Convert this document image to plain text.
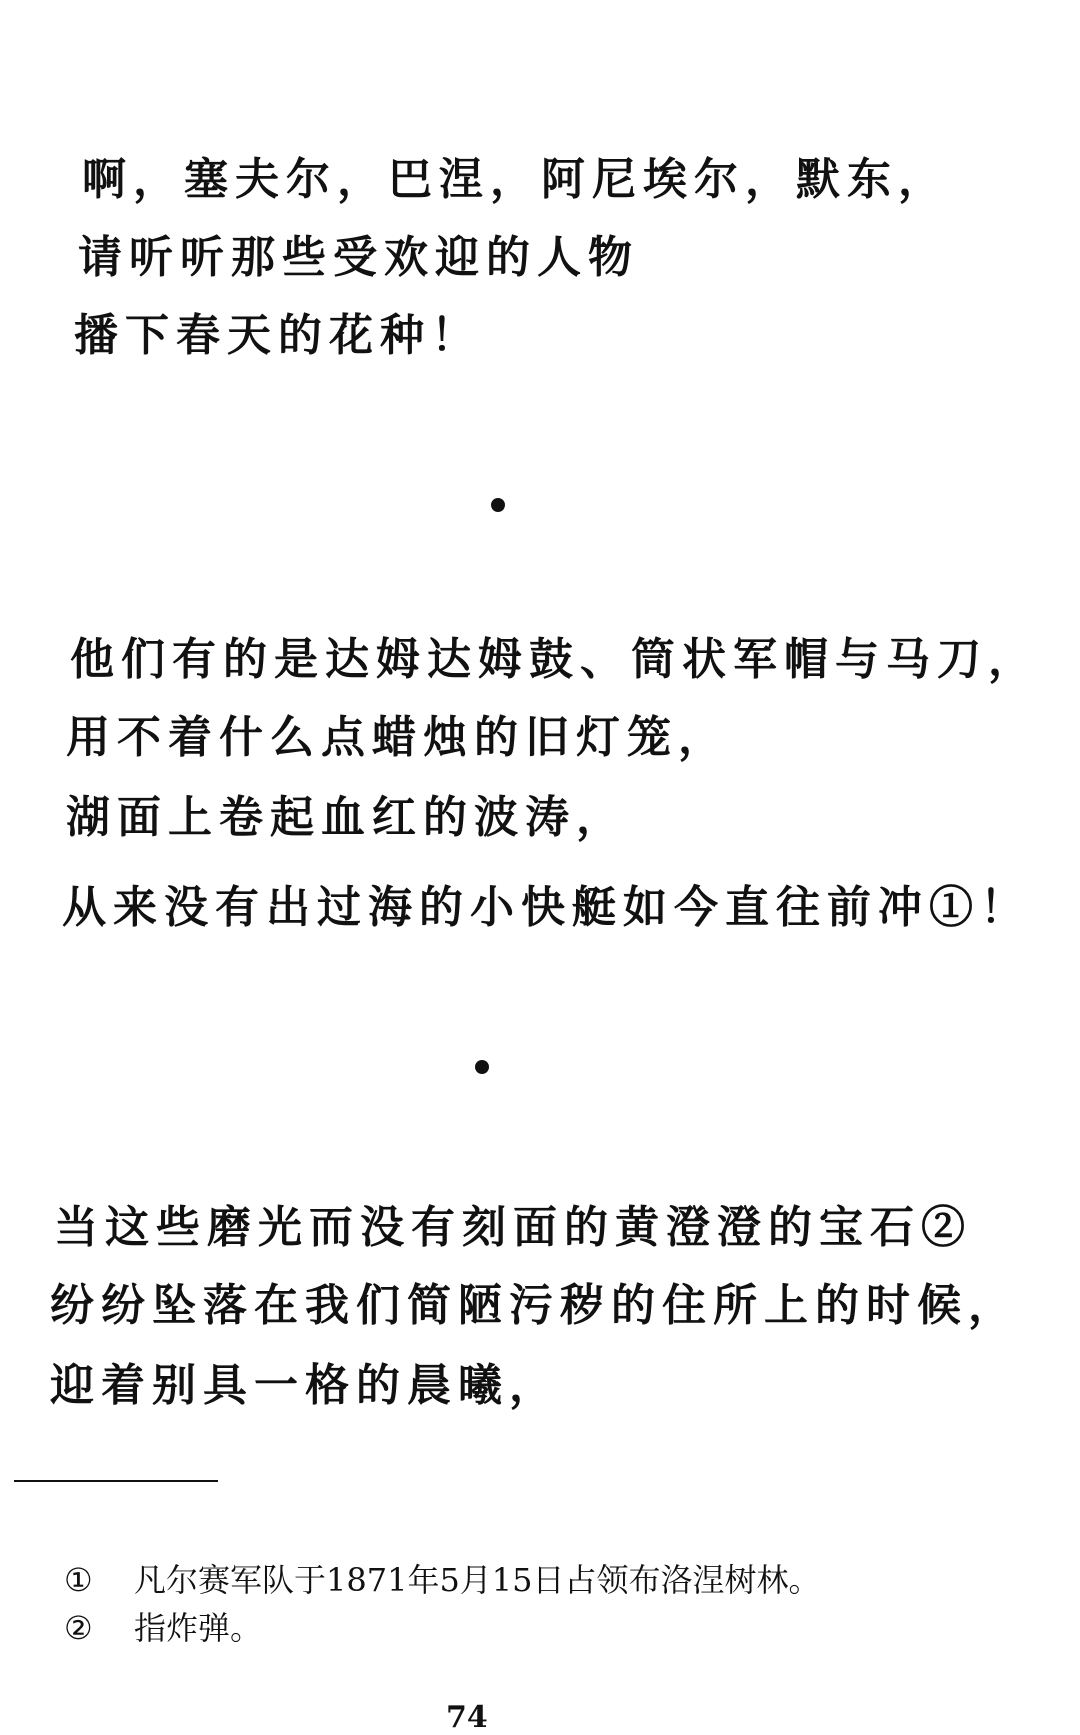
啊，塞夫尔，巴涅，阿尼埃尔，默东，
请听听那些受欢迎的人物
播下春天的花种！
他们有的是达姆达姆鼓、筒状军帽与马刀，
用不着什么点蜡烛的旧灯笼，
湖面上卷起血红的波涛，
从来没有出过海的小快艇如今直往前冲①！
当这些磨光而没有刻面的黄澄澄的宝石②
纷纷坠落在我们简陋污秽的住所上的时候，
迎着别具一格的晨曦，
① 凡尔赛军队于1871年5月15日占领布洛涅树林。
② 指炸弹。
74
